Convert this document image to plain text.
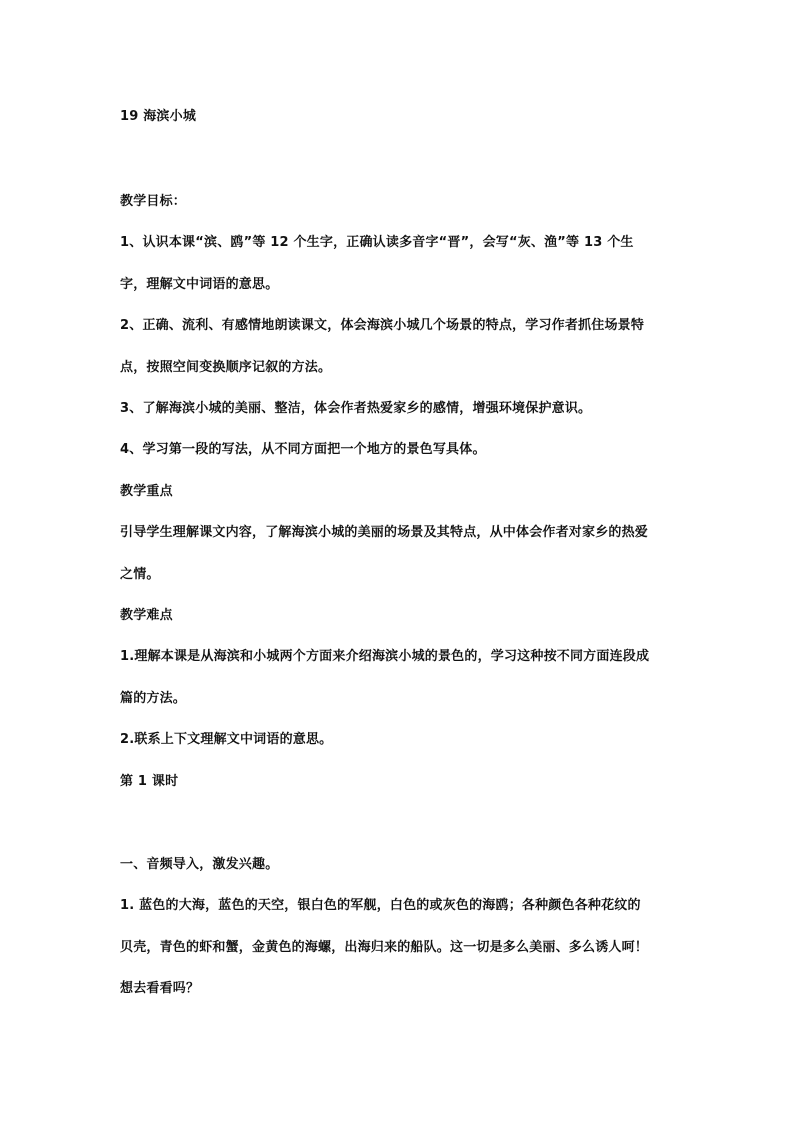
19 海滨小城
教学目标：
1、认识本课“滨、鸥”等 12 个生字，正确认读多音字“晋”，会写“灰、渔”等 13 个生
字，理解文中词语的意思。
2、正确、流利、有感情地朗读课文，体会海滨小城几个场景的特点，学习作者抓住场景特
点，按照空间变换顺序记叙的方法。
3、了解海滨小城的美丽、整洁，体会作者热爱家乡的感情，增强环境保护意识。
4、学习第一段的写法，从不同方面把一个地方的景色写具体。
教学重点
引导学生理解课文内容，了解海滨小城的美丽的场景及其特点，从中体会作者对家乡的热爱
之情。
教学难点
1.理解本课是从海滨和小城两个方面来介绍海滨小城的景色的，学习这种按不同方面连段成
篇的方法。
2.联系上下文理解文中词语的意思。
第 1 课时
一、音频导入，激发兴趣。
1. 蓝色的大海，蓝色的天空，银白色的军舰，白色的或灰色的海鸥；各种颜色各种花纹的
贝壳，青色的虾和蟹，金黄色的海螺，出海归来的船队。这一切是多么美丽、多么诱人呵！
想去看看吗？
